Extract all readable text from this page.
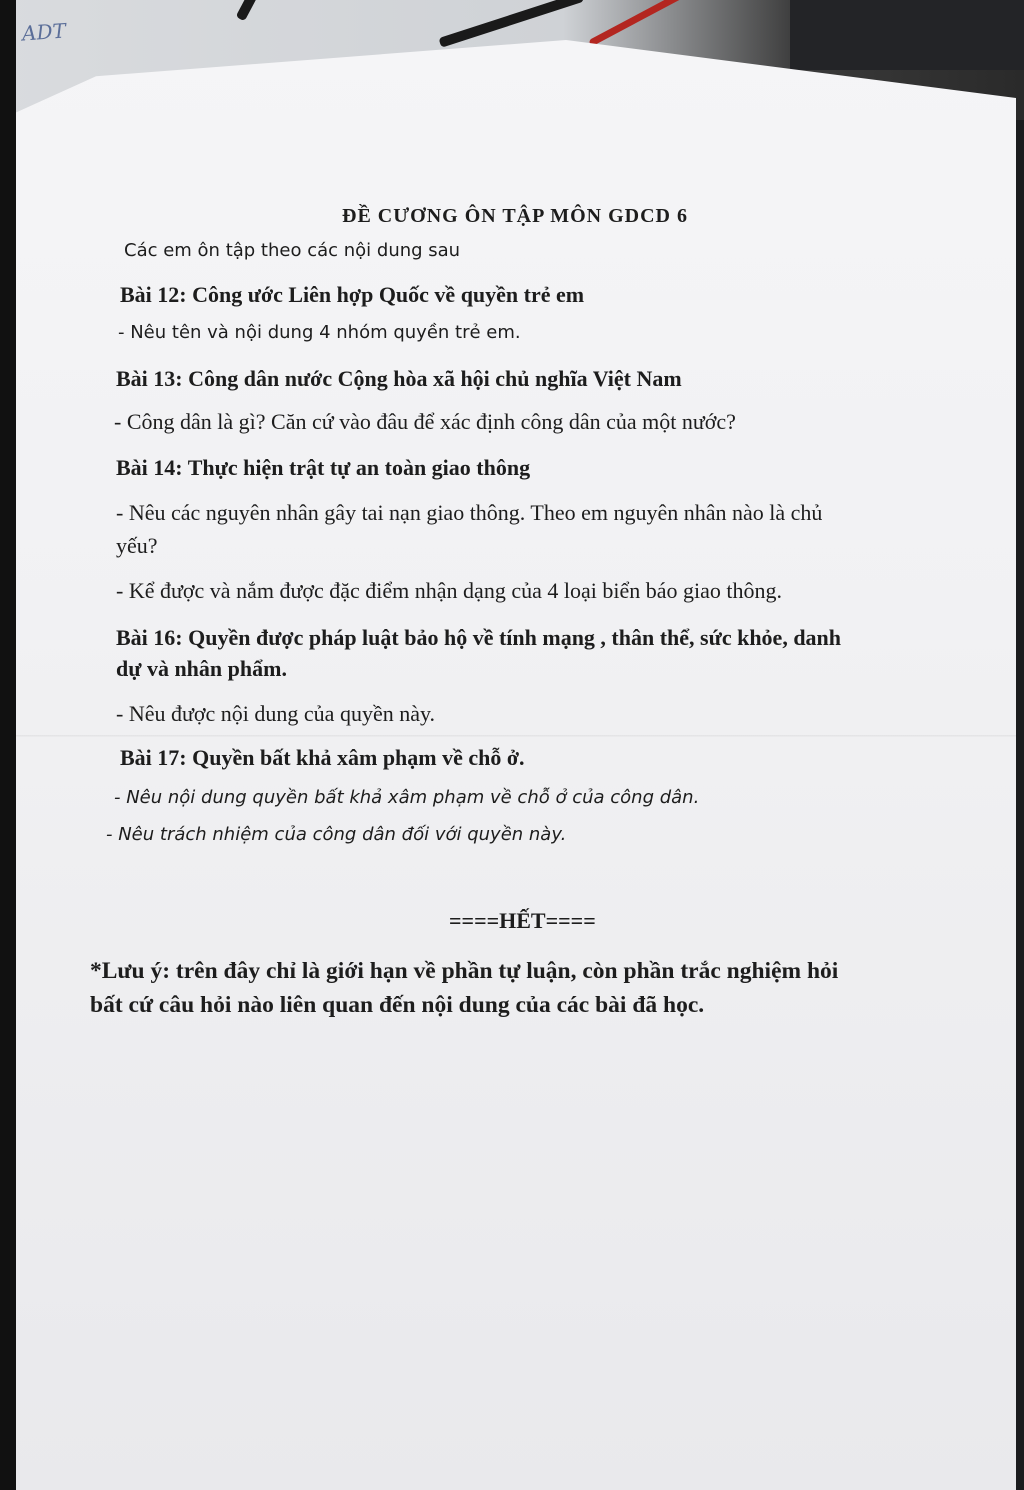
ADT
ĐỀ CƯƠNG ÔN TẬP MÔN GDCD 6
Các em ôn tập theo các nội dung sau
Bài 12: Công ước Liên hợp Quốc về quyền trẻ em
- Nêu tên và nội dung 4 nhóm quyền trẻ em.
Bài 13: Công dân nước Cộng hòa xã hội chủ nghĩa Việt Nam
- Công dân là gì? Căn cứ vào đâu để xác định công dân của một nước?
Bài 14: Thực hiện trật tự an toàn giao thông
- Nêu các nguyên nhân gây tai nạn giao thông. Theo em nguyên nhân nào là chủ
yếu?
- Kể được và nắm được đặc điểm nhận dạng của 4 loại biển báo giao thông.
Bài 16: Quyền được pháp luật bảo hộ về tính mạng , thân thể, sức khỏe, danh
dự và nhân phẩm.
- Nêu được nội dung của quyền này.
Bài 17: Quyền bất khả xâm phạm về chỗ ở.
- Nêu nội dung quyền bất khả xâm phạm về chỗ ở của công dân.
- Nêu trách nhiệm của công dân đối với quyền này.
====HẾT====
*Lưu ý: trên đây chỉ là giới hạn về phần tự luận, còn phần trắc nghiệm hỏi
bất cứ câu hỏi nào liên quan đến nội dung của các bài đã học.
